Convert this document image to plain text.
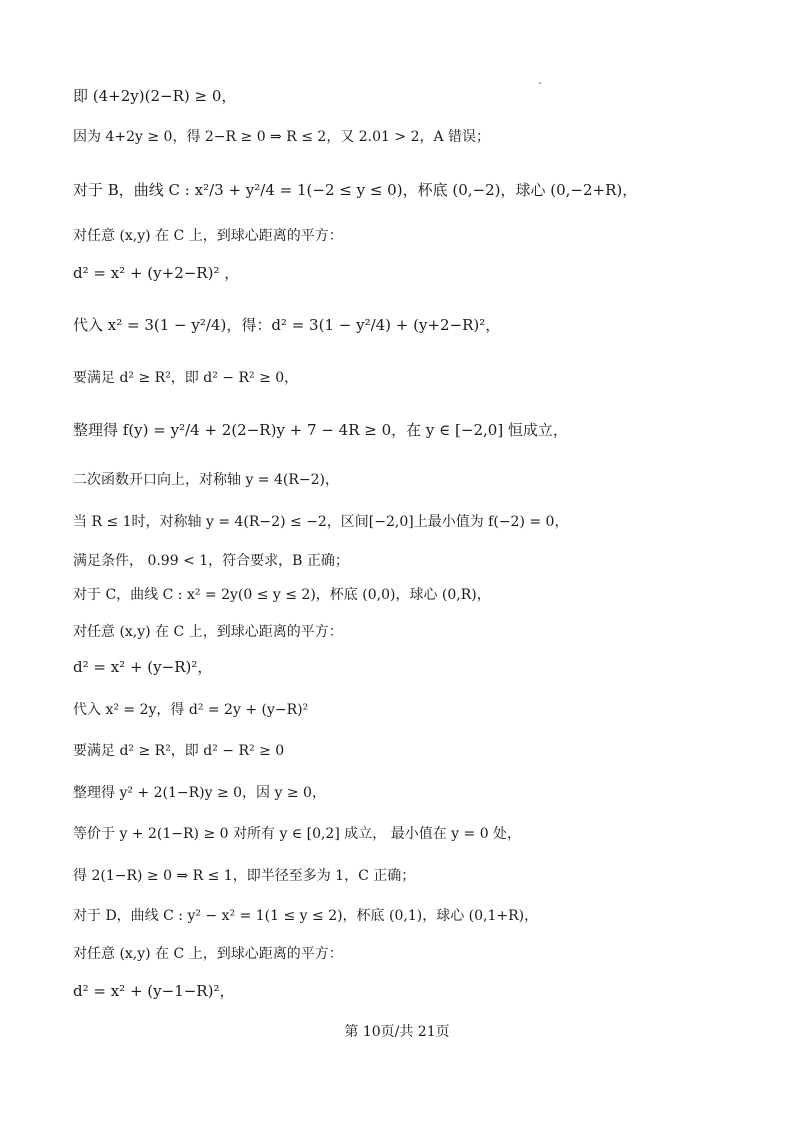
即 (4+2y)(2−R) ≥ 0，
因为 4+2y ≥ 0，得 2−R ≥ 0 ⇒ R ≤ 2，又 2.01 > 2，A 错误；
对于 B，曲线 C : x²/3 + y²/4 = 1(−2 ≤ y ≤ 0)，杯底 (0,−2)，球心 (0,−2+R)，
对任意 (x,y) 在 C 上，到球心距离的平方：
d² = x² + (y+2−R)² ，
代入 x² = 3(1 − y²/4)，得：d² = 3(1 − y²/4) + (y+2−R)²，
要满足 d² ≥ R²，即 d² − R² ≥ 0，
整理得 f(y) = y²/4 + 2(2−R)y + 7 − 4R ≥ 0，在 y ∈ [−2,0] 恒成立，
二次函数开口向上，对称轴 y = 4(R−2)，
当 R ≤ 1时，对称轴 y = 4(R−2) ≤ −2，区间[−2,0]上最小值为 f(−2) = 0，
满足条件， 0.99 < 1，符合要求，B 正确；
对于 C，曲线 C : x² = 2y(0 ≤ y ≤ 2)，杯底 (0,0)，球心 (0,R)，
对任意 (x,y) 在 C 上，到球心距离的平方：
d² = x² + (y−R)²，
代入 x² = 2y，得 d² = 2y + (y−R)²
要满足 d² ≥ R²，即 d² − R² ≥ 0
整理得 y² + 2(1−R)y ≥ 0，因 y ≥ 0，
等价于 y + 2(1−R) ≥ 0 对所有 y ∈ [0,2] 成立， 最小值在 y = 0 处，
得 2(1−R) ≥ 0 ⇒ R ≤ 1，即半径至多为 1，C 正确；
对于 D，曲线 C : y² − x² = 1(1 ≤ y ≤ 2)，杯底 (0,1)，球心 (0,1+R)，
对任意 (x,y) 在 C 上，到球心距离的平方：
d² = x² + (y−1−R)²，
第 10页/共 21页
